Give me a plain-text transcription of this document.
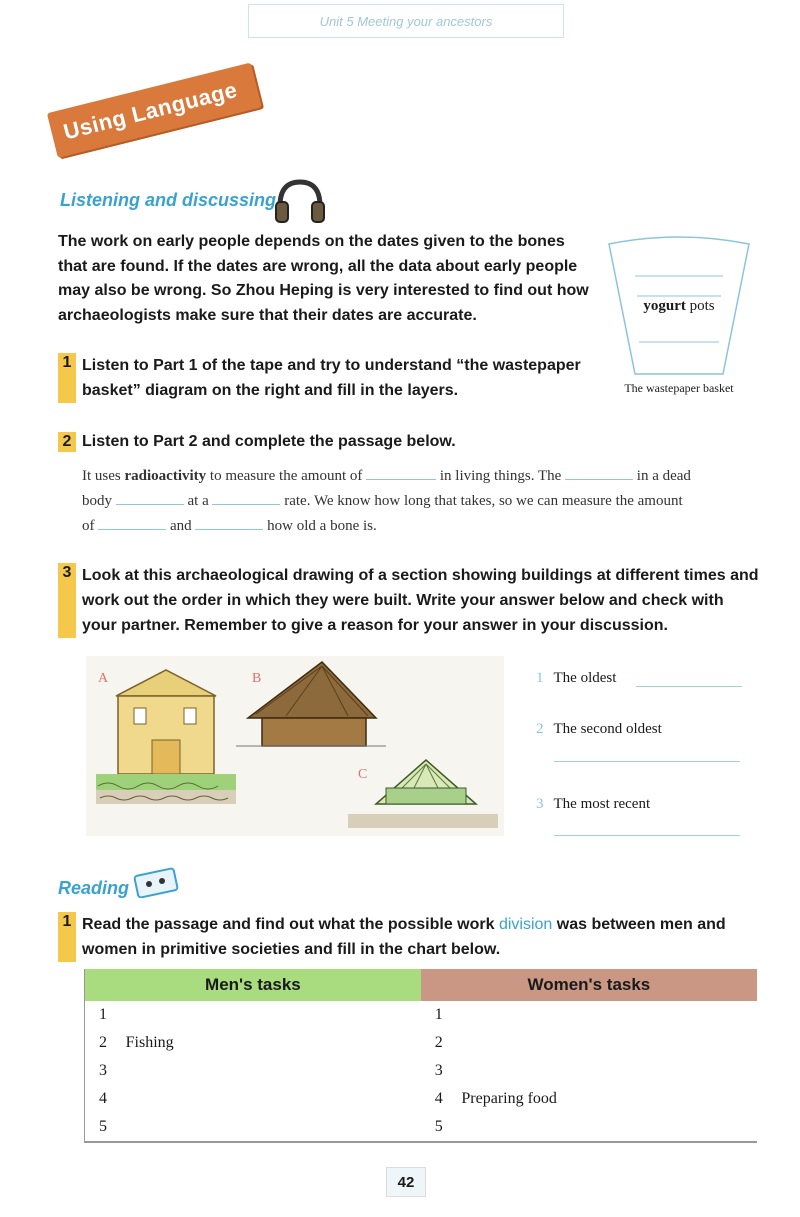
Unit 5 Meeting your ancestors
Using Language
Listening and discussing
The work on early people depends on the dates given to the bones that are found. If the dates are wrong, all the data about early people may also be wrong. So Zhou Heping is very interested to find out how archaeologists make sure that their dates are accurate.
yogurt pots
The wastepaper basket
1 Listen to Part 1 of the tape and try to understand “the wastepaper basket” diagram on the right and fill in the layers.
2 Listen to Part 2 and complete the passage below.
It uses radioactivity to measure the amount of	in living things. The	in a dead
body	at a	rate. We know how long that takes, so we can measure the amount
of	and	how old a bone is.
3 Look at this archaeological drawing of a section showing buildings at different times and work out the order in which they were built. Write your answer below and check with your partner. Remember to give a reason for your answer in your discussion.
A	B
C
1 The oldest
2 The second oldest
3 The most recent
Reading
1 Read the passage and find out what the possible work division was between men and women in primitive societies and fill in the chart below.
Men's tasks		Women's tasks	
1		1	
2	Fishing	2	
3		3	
4		4	Preparing food
5		5	
42
